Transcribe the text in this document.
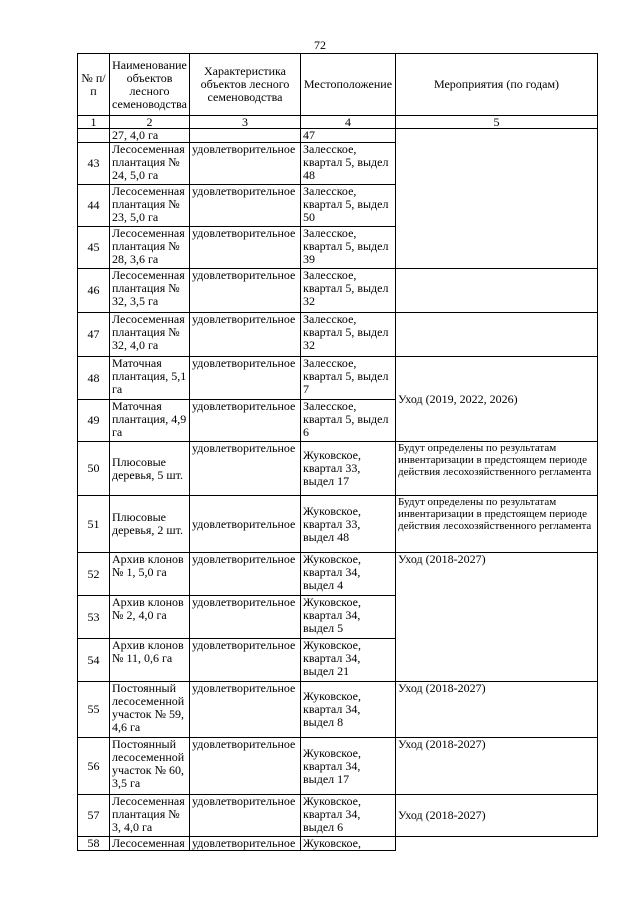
72
№ п/п	Наименование объектов лесного семеноводства	Характеристика объектов лесного семеноводства	Местоположение	Мероприятия (по годам)
1	2	3	4	5
	27, 4,0 га		47	
43	Лесосеменная плантация № 24, 5,0 га	удовлетворительное	Залесское, квартал 5, выдел 48	
44	Лесосеменная плантация № 23, 5,0 га	удовлетворительное	Залесское, квартал 5, выдел 50	
45	Лесосеменная плантация № 28, 3,6 га	удовлетворительное	Залесское, квартал 5, выдел 39	
46	Лесосеменная плантация № 32, 3,5 га	удовлетворительное	Залесское, квартал 5, выдел 32	
47	Лесосеменная плантация № 32, 4,0 га	удовлетворительное	Залесское, квартал 5, выдел 32	
48	Маточная плантация, 5,1 га	удовлетворительное	Залесское, квартал 5, выдел 7	Уход (2019, 2022, 2026)
49	Маточная плантация, 4,9 га	удовлетворительное	Залесское, квартал 5, выдел 6	
50	Плюсовые деревья, 5 шт.	удовлетворительное	Жуковское, квартал 33, выдел 17	Будут определены по результатам инвентаризации в предстоящем периоде действия лесохозяйственного регламента
51	Плюсовые деревья, 2 шт.	удовлетворительное	Жуковское, квартал 33, выдел 48	Будут определены по результатам инвентаризации в предстоящем периоде действия лесохозяйственного регламента
52	Архив клонов № 1, 5,0 га	удовлетворительное	Жуковское, квартал 34, выдел 4	Уход (2018-2027)
53	Архив клонов № 2, 4,0 га	удовлетворительное	Жуковское, квартал 34, выдел 5	
54	Архив клонов № 11, 0,6 га	удовлетворительное	Жуковское, квартал 34, выдел 21	
55	Постоянный лесосеменной участок № 59, 4,6 га	удовлетворительное	Жуковское, квартал 34, выдел 8	Уход (2018-2027)
56	Постоянный лесосеменной участок № 60, 3,5 га	удовлетворительное	Жуковское, квартал 34, выдел 17	Уход (2018-2027)
57	Лесосеменная плантация № 3, 4,0 га	удовлетворительное	Жуковское, квартал 34, выдел 6	Уход (2018-2027)
58	Лесосеменная	удовлетворительное	Жуковское,	
